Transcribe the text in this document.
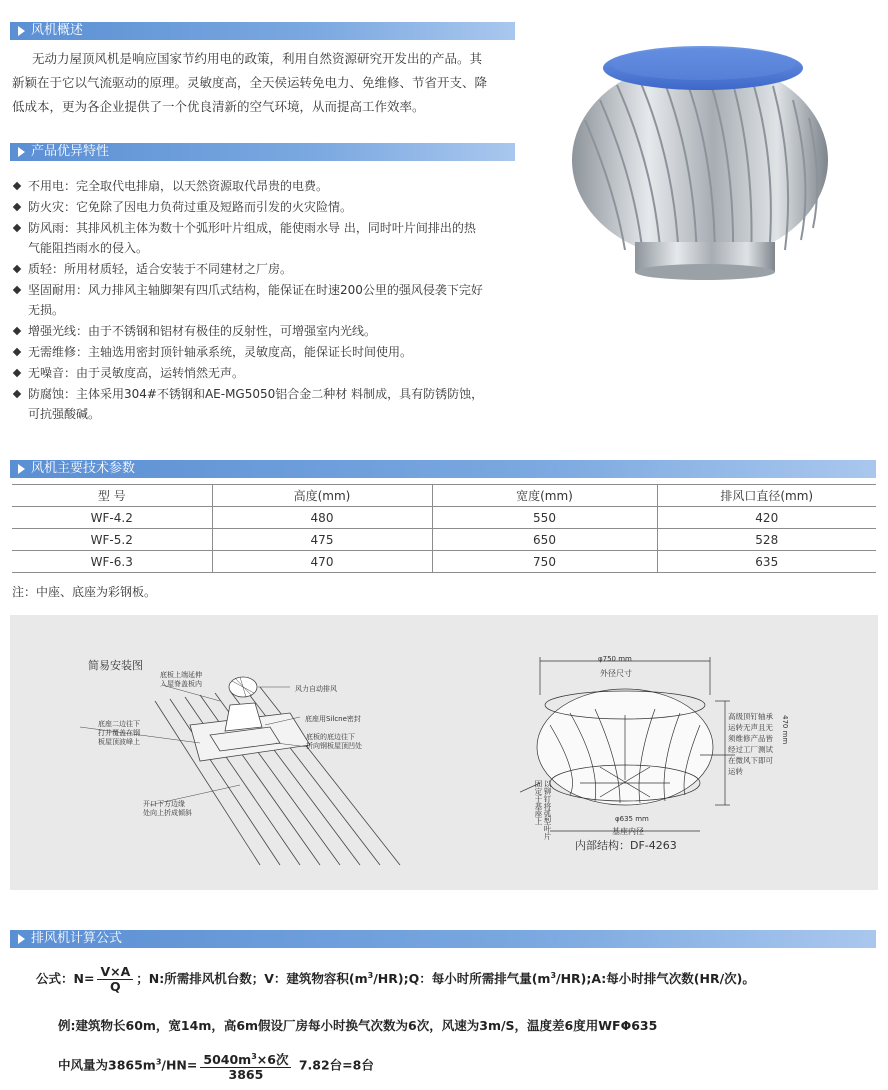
风机概述
无动力屋顶风机是响应国家节约用电的政策，利用自然资源研究开发出的产品。其
新颖在于它以气流驱动的原理。灵敏度高，全天侯运转免电力、免维修、节省开支、降
低成本，更为各企业提供了一个优良清新的空气环境，从而提高工作效率。
产品优异特性
不用电：完全取代电排扇，以天然资源取代昂贵的电费。
防火灾：它免除了因电力负荷过重及短路而引发的火灾险情。
防风雨：其排风机主体为数十个弧形叶片组成，能使雨水导 出，同时叶片间排出的热
气能阻挡雨水的侵入。
质轻：所用材质轻，适合安装于不同建材之厂房。
坚固耐用：风力排风主轴脚架有四爪式结构，能保证在时速200公里的强风侵袭下完好
无损。
增强光线：由于不锈钢和铝材有极佳的反射性，可增强室内光线。
无需维修：主轴选用密封顶针轴承系统，灵敏度高，能保证长时间使用。
无噪音：由于灵敏度高，运转悄然无声。
防腐蚀：主体采用304#不锈钢和AE-MG5050铝合金二种材 料制成，具有防锈防蚀，
可抗强酸碱。
风机主要技术参数
型 号	高度(mm)	宽度(mm)	排风口直径(mm)
WF-4.2	480	550	420
WF-5.2	475	650	528
WF-6.3	470	750	635
注：中座、底座为彩钢板。
简易安装图
底板上端延伸
入屋脊盖板内
风力自动排风
底座用Silcne密封
底座二边往下
打并覆盖在钢
板屋顶波峰上
底板的底边往下
折向钢板屋顶凹处
开口下方边缘
处向上折成倾斜
φ750 mm
外径尺寸
470 mm
高级顶钉轴承
运转无声且无
须维修产品皆
经过工厂测试
在微风下即可
运转
以铆钉将弧型叶片固定于基座上	φ635 mm
基座内径
内部结构：DF-4263
排风机计算公式
公式：$N= \frac{V\times A}{Q}$ ；N:所需排风机台数；V：建筑物容积$(m^3/HR);Q$：每小时所需排气量$(m^3/HR);A$:每小时排气次数(HR/次)。
例:建筑物长60m，宽14m，高6m假设厂房每小时换气次数为6次，风速为3m/S，温度差6度用WFΦ635
中风量为$3865m^3/HN= \frac{5040m^3\times 6次}{3865} 7.82$台=8台
